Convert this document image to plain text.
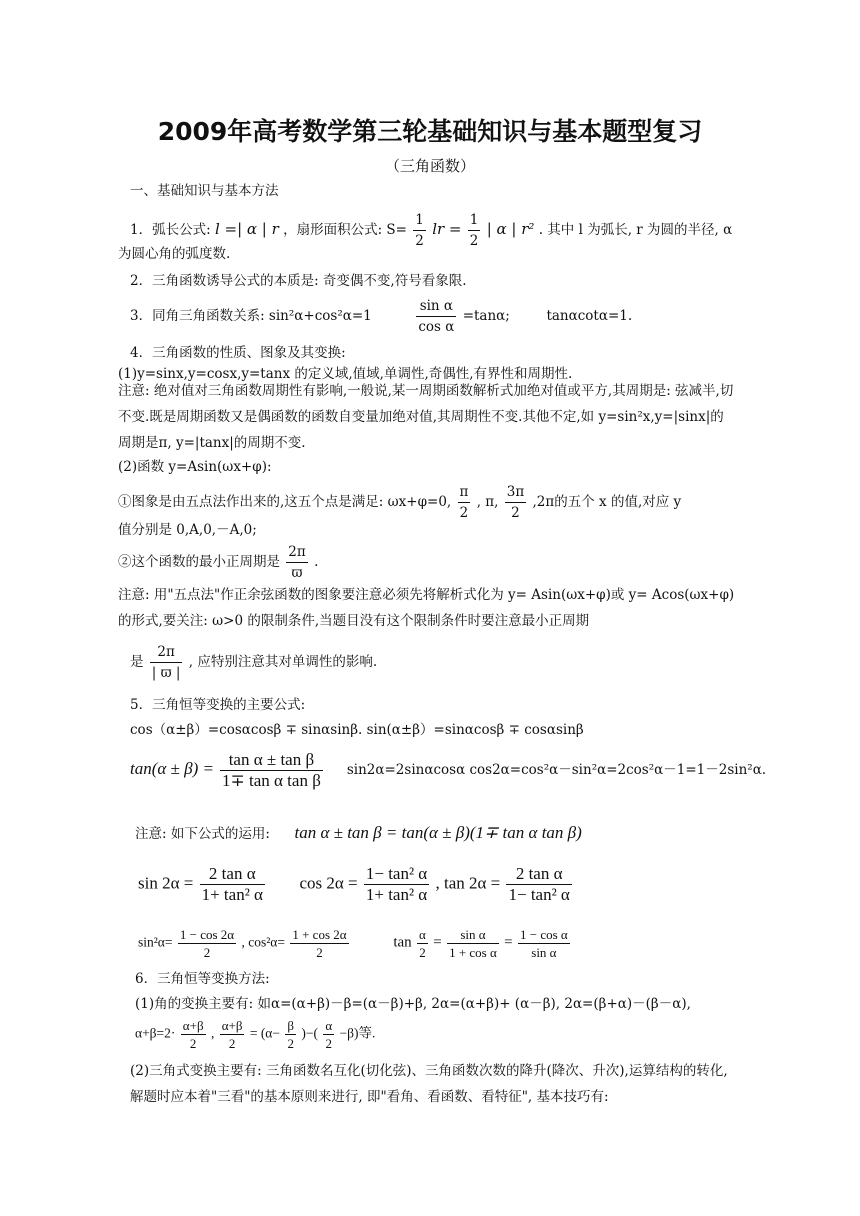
2009年高考数学第三轮基础知识与基本题型复习
（三角函数）
一、基础知识与基本方法
1．弧长公式: l =| α | r ，扇形面积公式: $S= \frac{1}{2}$ lr = $\frac{1}{2}$ | α | r² . 其中 l 为弧长, r 为圆的半径, α
为圆心角的弧度数.
2．三角函数诱导公式的本质是: 奇变偶不变,符号看象限.
3．同角三角函数关系: sin²α+cos²α=1	$\frac{\text{sin α}}{\text{cos α}} =\tan\alpha$;	tanαcotα=1.
4．三角函数的性质、图象及其变换:
(1)y=sinx,y=cosx,y=tanx 的定义域,值域,单调性,奇偶性,有界性和周期性.
注意: 绝对值对三角函数周期性有影响,一般说,某一周期函数解析式加绝对值或平方,其周期是: 弦减半,切不变.既是周期函数又是偶函数的函数自变量加绝对值,其周期性不变.其他不定,如 y=sin²x,y=|sinx|的周期是π, y=|tanx|的周期不变.
(2)函数 y=Asin(ωx+φ):
①图象是由五点法作出来的,这五个点是满足: ωx+φ=0, $\frac{\pi}{2}$ , π, $\frac{3\pi}{2} ,2\pi$的五个 x 的值,对应 y
值分别是 0,A,0,－A,0;
②这个函数的最小正周期是 $\frac{2\pi}{ϖ}$ .
注意: 用"五点法"作正余弦函数的图象要注意必须先将解析式化为 y= Asin(ωx+φ)或 y= Acos(ωx+φ)的形式,要关注: ω>0 的限制条件,当题目没有这个限制条件时要注意最小正周期
是 $\frac{2\pi}{| ϖ |}$ , 应特别注意其对单调性的影响.
5．三角恒等变换的主要公式:
cos（α±β）=cosαcosβ ∓ sinαsinβ. sin(α±β）=sinαcosβ ∓ cosαsinβ
$\tan(\alpha \pm \beta) = \frac{\text{tan α ± tan β}}{\text{1∓ tan α tan β}} \sin 2\alpha=2\sin\alpha\cos\alpha$ cos2α=cos²α－sin²α=2cos²α－1=1－2sin²α.
注意: 如下公式的运用: tan α ± tan β = tan(α ± β)(1∓ tan α tan β)
$\sin 2\alpha = \frac{\text{2 tan α}}{\text{1+ tan² α}}$ $\cos 2\alpha = \frac{\text{1− tan² α}}{\text{1+ tan² α}}$ , $\tan 2\alpha = \frac{\text{2 tan α}}{\text{1− tan² α}}$
$\sin^2\alpha= \frac{1 - \cos 2\alpha}{2}$ , $\cos^2\alpha= \frac{1 + \cos 2\alpha}{2}$	$\tan \frac{\alpha}{2} = \frac{\text{sin α}}{\text{1 + cos α}} = \frac{\text{1 − cos α}}{\text{sin α}}$
6．三角恒等变换方法:
(1)角的变换主要有: 如α=(α+β)－β=(α－β)+β, 2α=(α+β)+ (α－β), 2α=(β+α)－(β－α),
$\alpha+\beta=2\cdot \frac{\alpha+\beta}{2}$ , $\frac{\alpha+\beta}{2} = (\alpha- \frac{\beta}{2}$ )−( $\frac{\alpha}{2} -\beta$)等.
(2)三角式变换主要有: 三角函数名互化(切化弦)、三角函数次数的降升(降次、升次),运算结构的转化,解题时应本着"三看"的基本原则来进行, 即"看角、看函数、看特征", 基本技巧有:
